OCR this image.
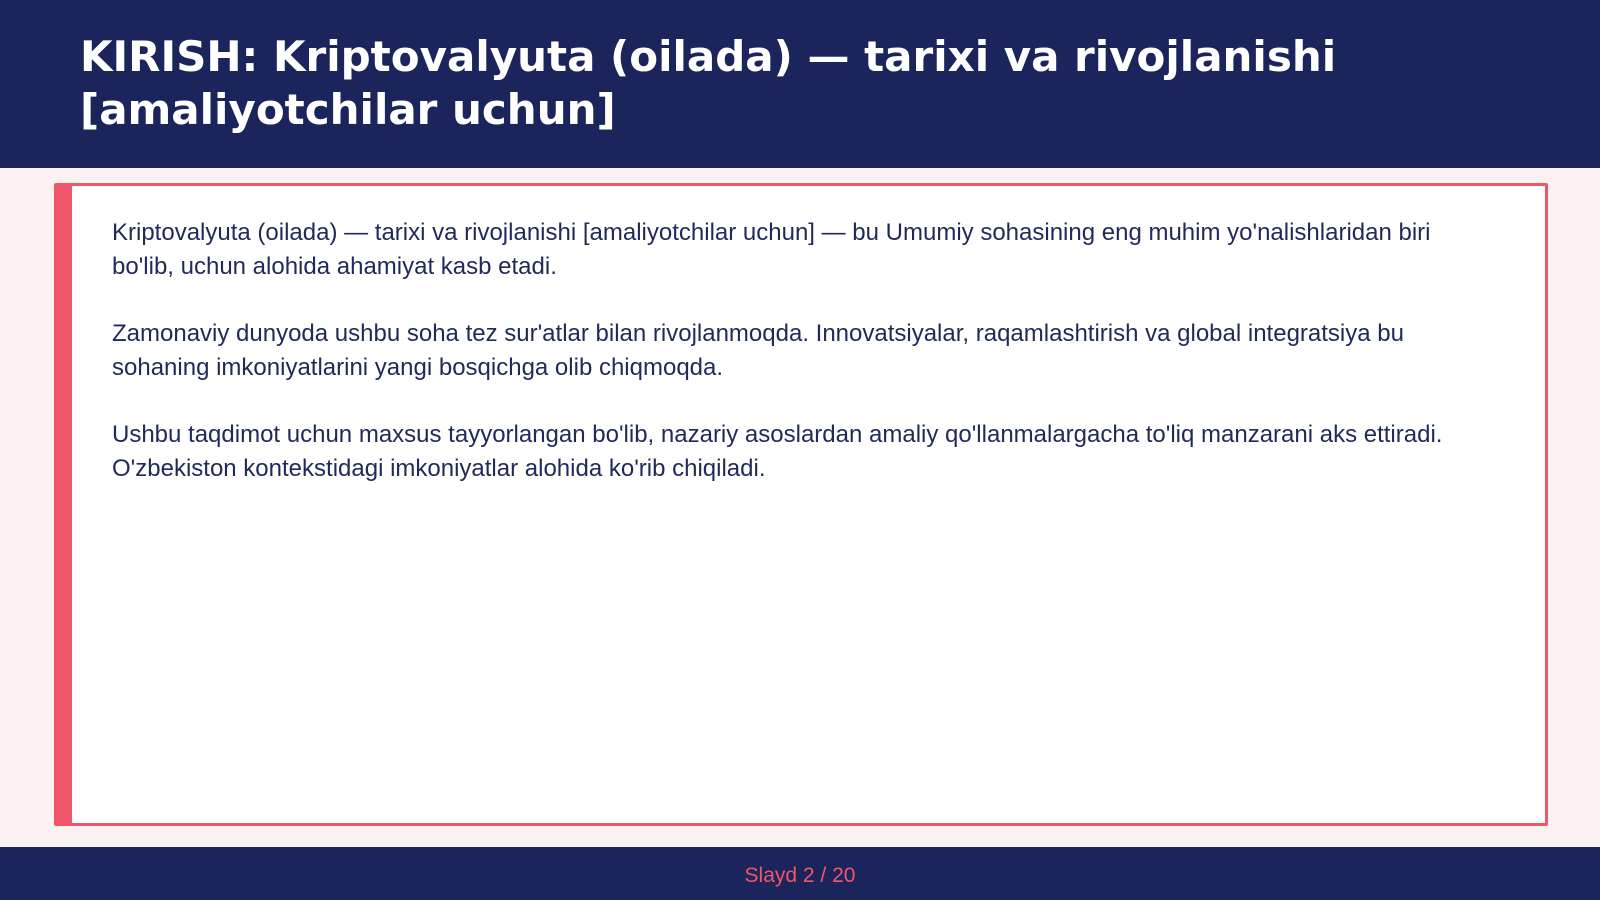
KIRISH: Kriptovalyuta (oilada) — tarixi va rivojlanishi [amaliyotchilar uchun]

Kriptovalyuta (oilada) — tarixi va rivojlanishi [amaliyotchilar uchun] — bu Umumiy sohasining eng muhim yo'nalishlaridan biri bo'lib, uchun alohida ahamiyat kasb etadi.

Zamonaviy dunyoda ushbu soha tez sur'atlar bilan rivojlanmoqda. Innovatsiyalar, raqamlashtirish va global integratsiya bu sohaning imkoniyatlarini yangi bosqichga olib chiqmoqda.

Ushbu taqdimot uchun maxsus tayyorlangan bo'lib, nazariy asoslardan amaliy qo'llanmalargacha to'liq manzarani aks ettiradi. O'zbekiston kontekstidagi imkoniyatlar alohida ko'rib chiqiladi.

Slayd 2 / 20
